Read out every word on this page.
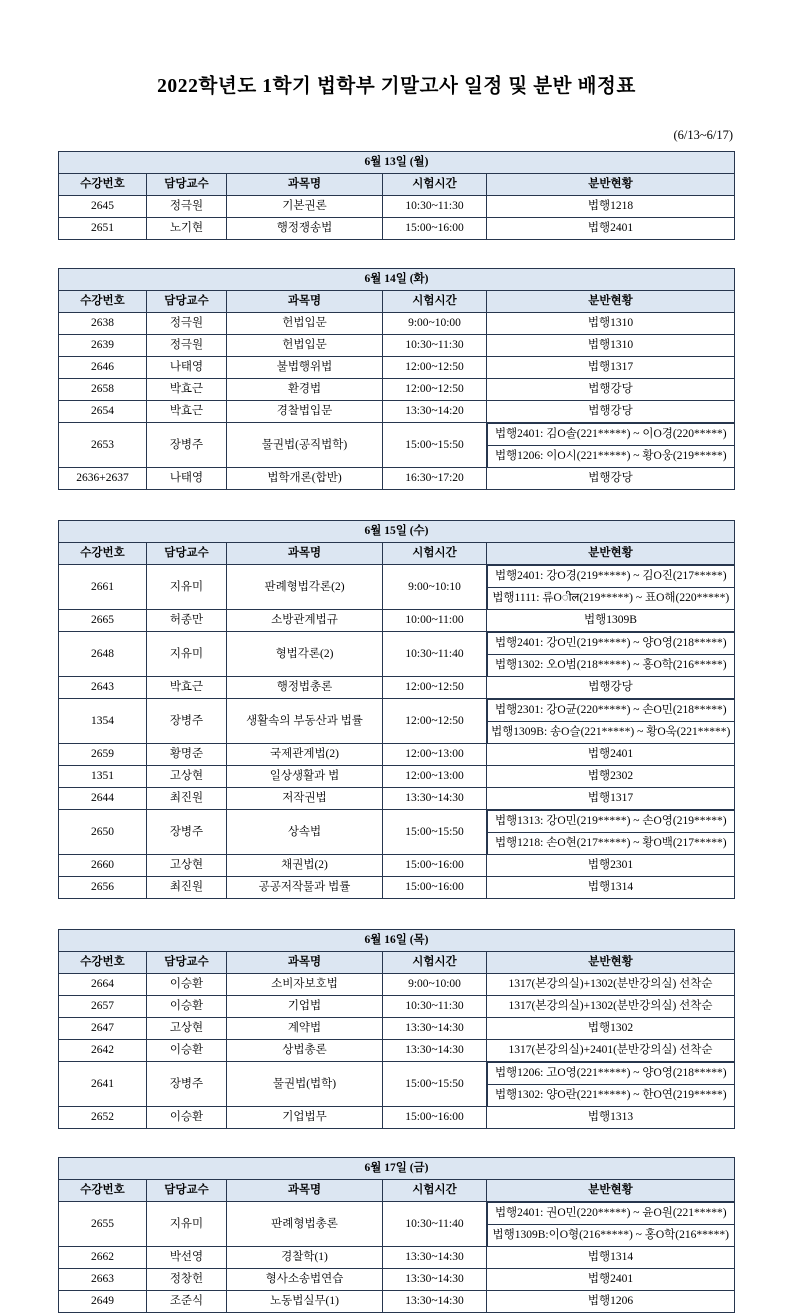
2022학년도 1학기 법학부 기말고사 일정 및 분반 배정표
(6/13~6/17)
6월 13일 (월)				
수강번호	담당교수	과목명	시험시간	분반현황
2645	정극원	기본권론	10:30~11:30	법행1218
2651	노기현	행정쟁송법	15:00~16:00	법행2401
6월 14일 (화)
수강번호	담당교수	과목명	시험시간	분반현황
2638	정극원	헌법입문	9:00~10:00	법행1310
2639	정극원	헌법입문	10:30~11:30	법행1310
2646	나태영	불법행위법	12:00~12:50	법행1317
2658	박효근	환경법	12:00~12:50	법행강당
2654	박효근	경찰법입문	13:30~14:20	법행강당
2653	장병주	물권법(공직법학)	15:00~15:50	
법행2401: 김O솔(221*****) ~ 이O경(220*****)
법행1206: 이O시(221*****) ~ 황O웅(219*****)

2636+2637	나태영	법학개론(합반)	16:30~17:20	법행강당
6월 15일 (수)
수강번호	담당교수	과목명	시험시간	분반현황
2661	지유미	판례형법각론(2)	9:00~10:10	
법행2401: 강O경(219*****) ~ 김O진(217*****)
법행1111: 류Oील(219*****) ~ 표O해(220*****)

2665	허종만	소방관계법규	10:00~11:00	법행1309B
2648	지유미	형법각론(2)	10:30~11:40	
법행2401: 강O민(219*****) ~ 양O영(218*****)
법행1302: 오O범(218*****) ~ 홍O학(216*****)

2643	박효근	행정법총론	12:00~12:50	법행강당
1354	장병주	생활속의 부동산과 법률	12:00~12:50	
법행2301: 강O균(220*****) ~ 손O민(218*****)
법행1309B: 송O슬(221*****) ~ 황O욱(221*****)

2659	황명준	국제관계법(2)	12:00~13:00	법행2401
1351	고상현	일상생활과 법	12:00~13:00	법행2302
2644	최진원	저작권법	13:30~14:30	법행1317
2650	장병주	상속법	15:00~15:50	
법행1313: 강O민(219*****) ~ 손O영(219*****)
법행1218: 손O현(217*****) ~ 황O백(217*****)

2660	고상현	채권법(2)	15:00~16:00	법행2301
2656	최진원	공공저작물과 법률	15:00~16:00	법행1314
6월 16일 (목)
수강번호	담당교수	과목명	시험시간	분반현황
2664	이승환	소비자보호법	9:00~10:00	1317(본강의실)+1302(분반강의실) 선착순
2657	이승환	기업법	10:30~11:30	1317(본강의실)+1302(분반강의실) 선착순
2647	고상현	계약법	13:30~14:30	법행1302
2642	이승환	상법총론	13:30~14:30	1317(본강의실)+2401(분반강의실) 선착순
2641	장병주	물권법(법학)	15:00~15:50	
법행1206: 고O영(221*****) ~ 양O영(218*****)
법행1302: 양O란(221*****) ~ 한O연(219*****)

2652	이승환	기업법무	15:00~16:00	법행1313
6월 17일 (금)
수강번호	담당교수	과목명	시험시간	분반현황
2655	지유미	판례형법총론	10:30~11:40	
법행2401: 권O민(220*****) ~ 윤O원(221*****)
법행1309B:이O형(216*****) ~ 홍O학(216*****)

2662	박선영	경찰학(1)	13:30~14:30	법행1314
2663	정창헌	형사소송법연습	13:30~14:30	법행2401
2649	조준식	노동법실무(1)	13:30~14:30	법행1206
